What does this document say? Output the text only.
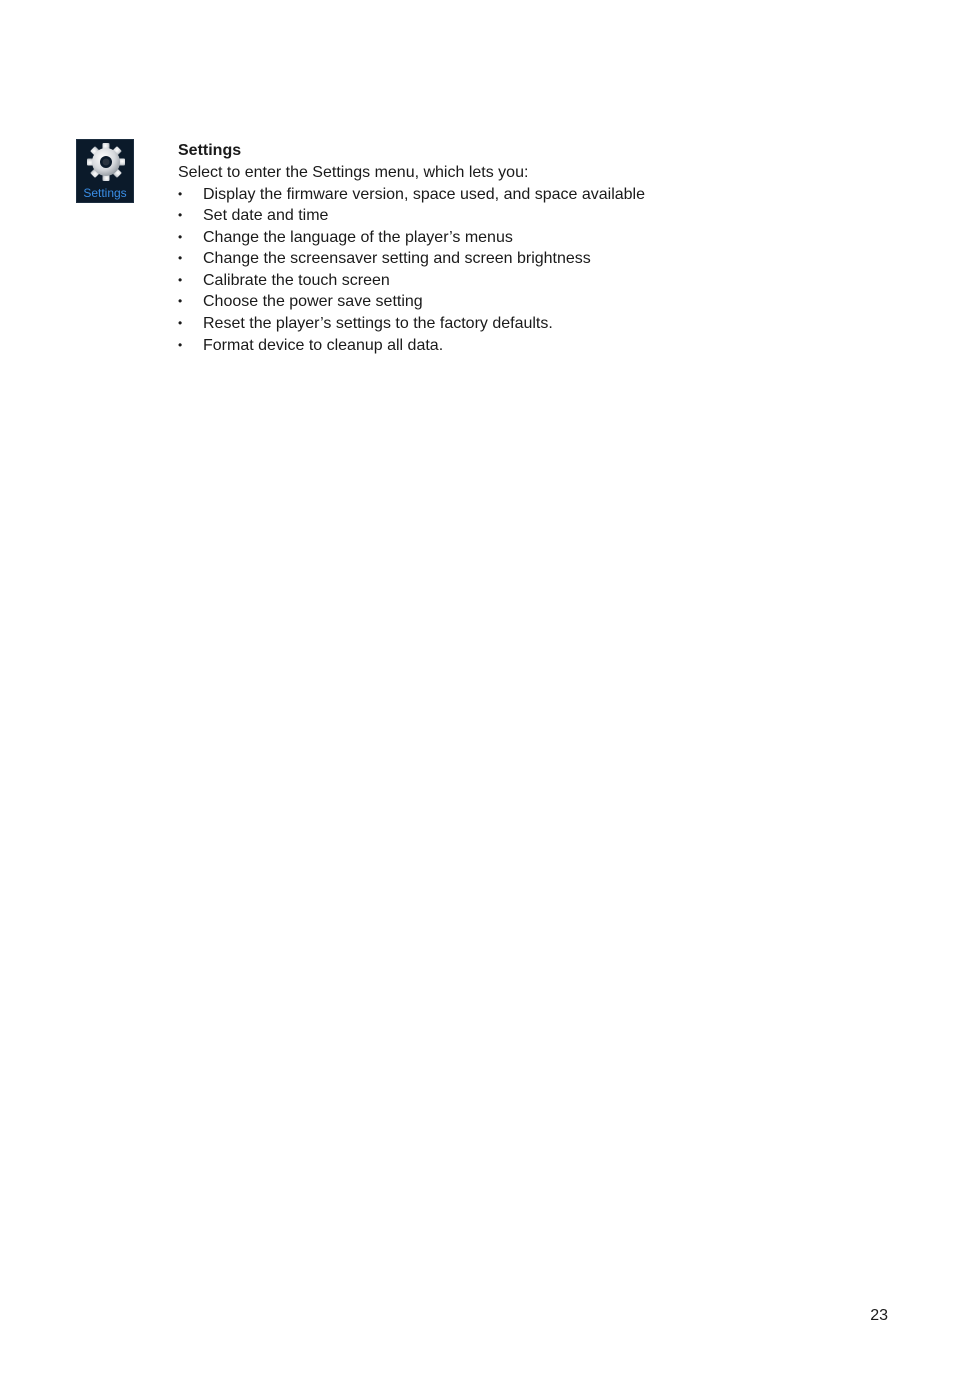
Settings

Settings

Select to enter the Settings menu, which lets you:

• Display the firmware version, space used, and space available
• Set date and time
• Change the language of the player’s menus
• Change the screensaver setting and screen brightness
• Calibrate the touch screen
• Choose the power save setting
• Reset the player’s settings to the factory defaults.
• Format device to cleanup all data.
23
